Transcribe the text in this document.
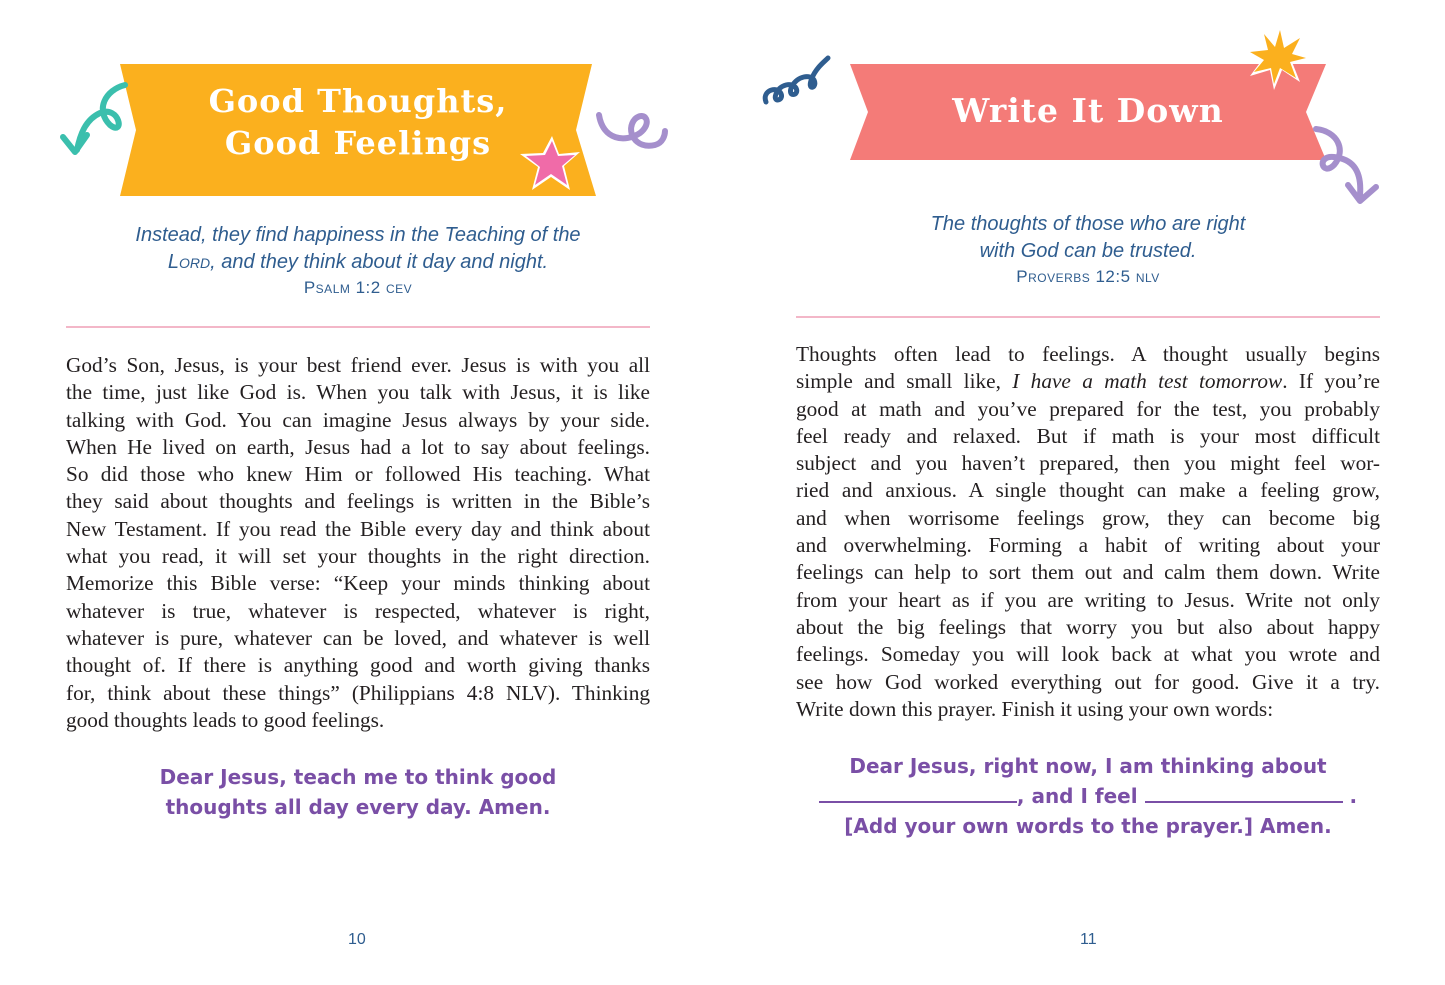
Good Thoughts,
Good Feelings
Instead, they find happiness in the Teaching of the
Lord, and they think about it day and night.
Psalm 1:2 cev
God’s Son, Jesus, is your best friend ever. Jesus is with you all
the time, just like God is. When you talk with Jesus, it is like
talking with God. You can imagine Jesus always by your side.
When He lived on earth, Jesus had a lot to say about feelings.
So did those who knew Him or followed His teaching. What
they said about thoughts and feelings is written in the Bible’s
New Testament. If you read the Bible every day and think about
what you read, it will set your thoughts in the right direction.
Memorize this Bible verse: “Keep your minds thinking about
whatever is true, whatever is respected, whatever is right,
whatever is pure, whatever can be loved, and whatever is well
thought of. If there is anything good and worth giving thanks
for, think about these things” (Philippians 4:8 NLV). Thinking
good thoughts leads to good feelings.
Dear Jesus, teach me to think good
thoughts all day every day. Amen.
10
Write It Down
The thoughts of those who are right
with God can be trusted.
Proverbs 12:5 nlv
Thoughts often lead to feelings. A thought usually begins
simple and small like, I have a math test tomorrow. If you’re
good at math and you’ve prepared for the test, you probably
feel ready and relaxed. But if math is your most difficult
subject and you haven’t prepared, then you might feel wor-
ried and anxious. A single thought can make a feeling grow,
and when worrisome feelings grow, they can become big
and overwhelming. Forming a habit of writing about your
feelings can help to sort them out and calm them down. Write
from your heart as if you are writing to Jesus. Write not only
about the big feelings that worry you but also about happy
feelings. Someday you will look back at what you wrote and
see how God worked everything out for good. Give it a try.
Write down this prayer. Finish it using your own words:
Dear Jesus, right now, I am thinking about
, and I feel	.
[Add your own words to the prayer.] Amen.
11
